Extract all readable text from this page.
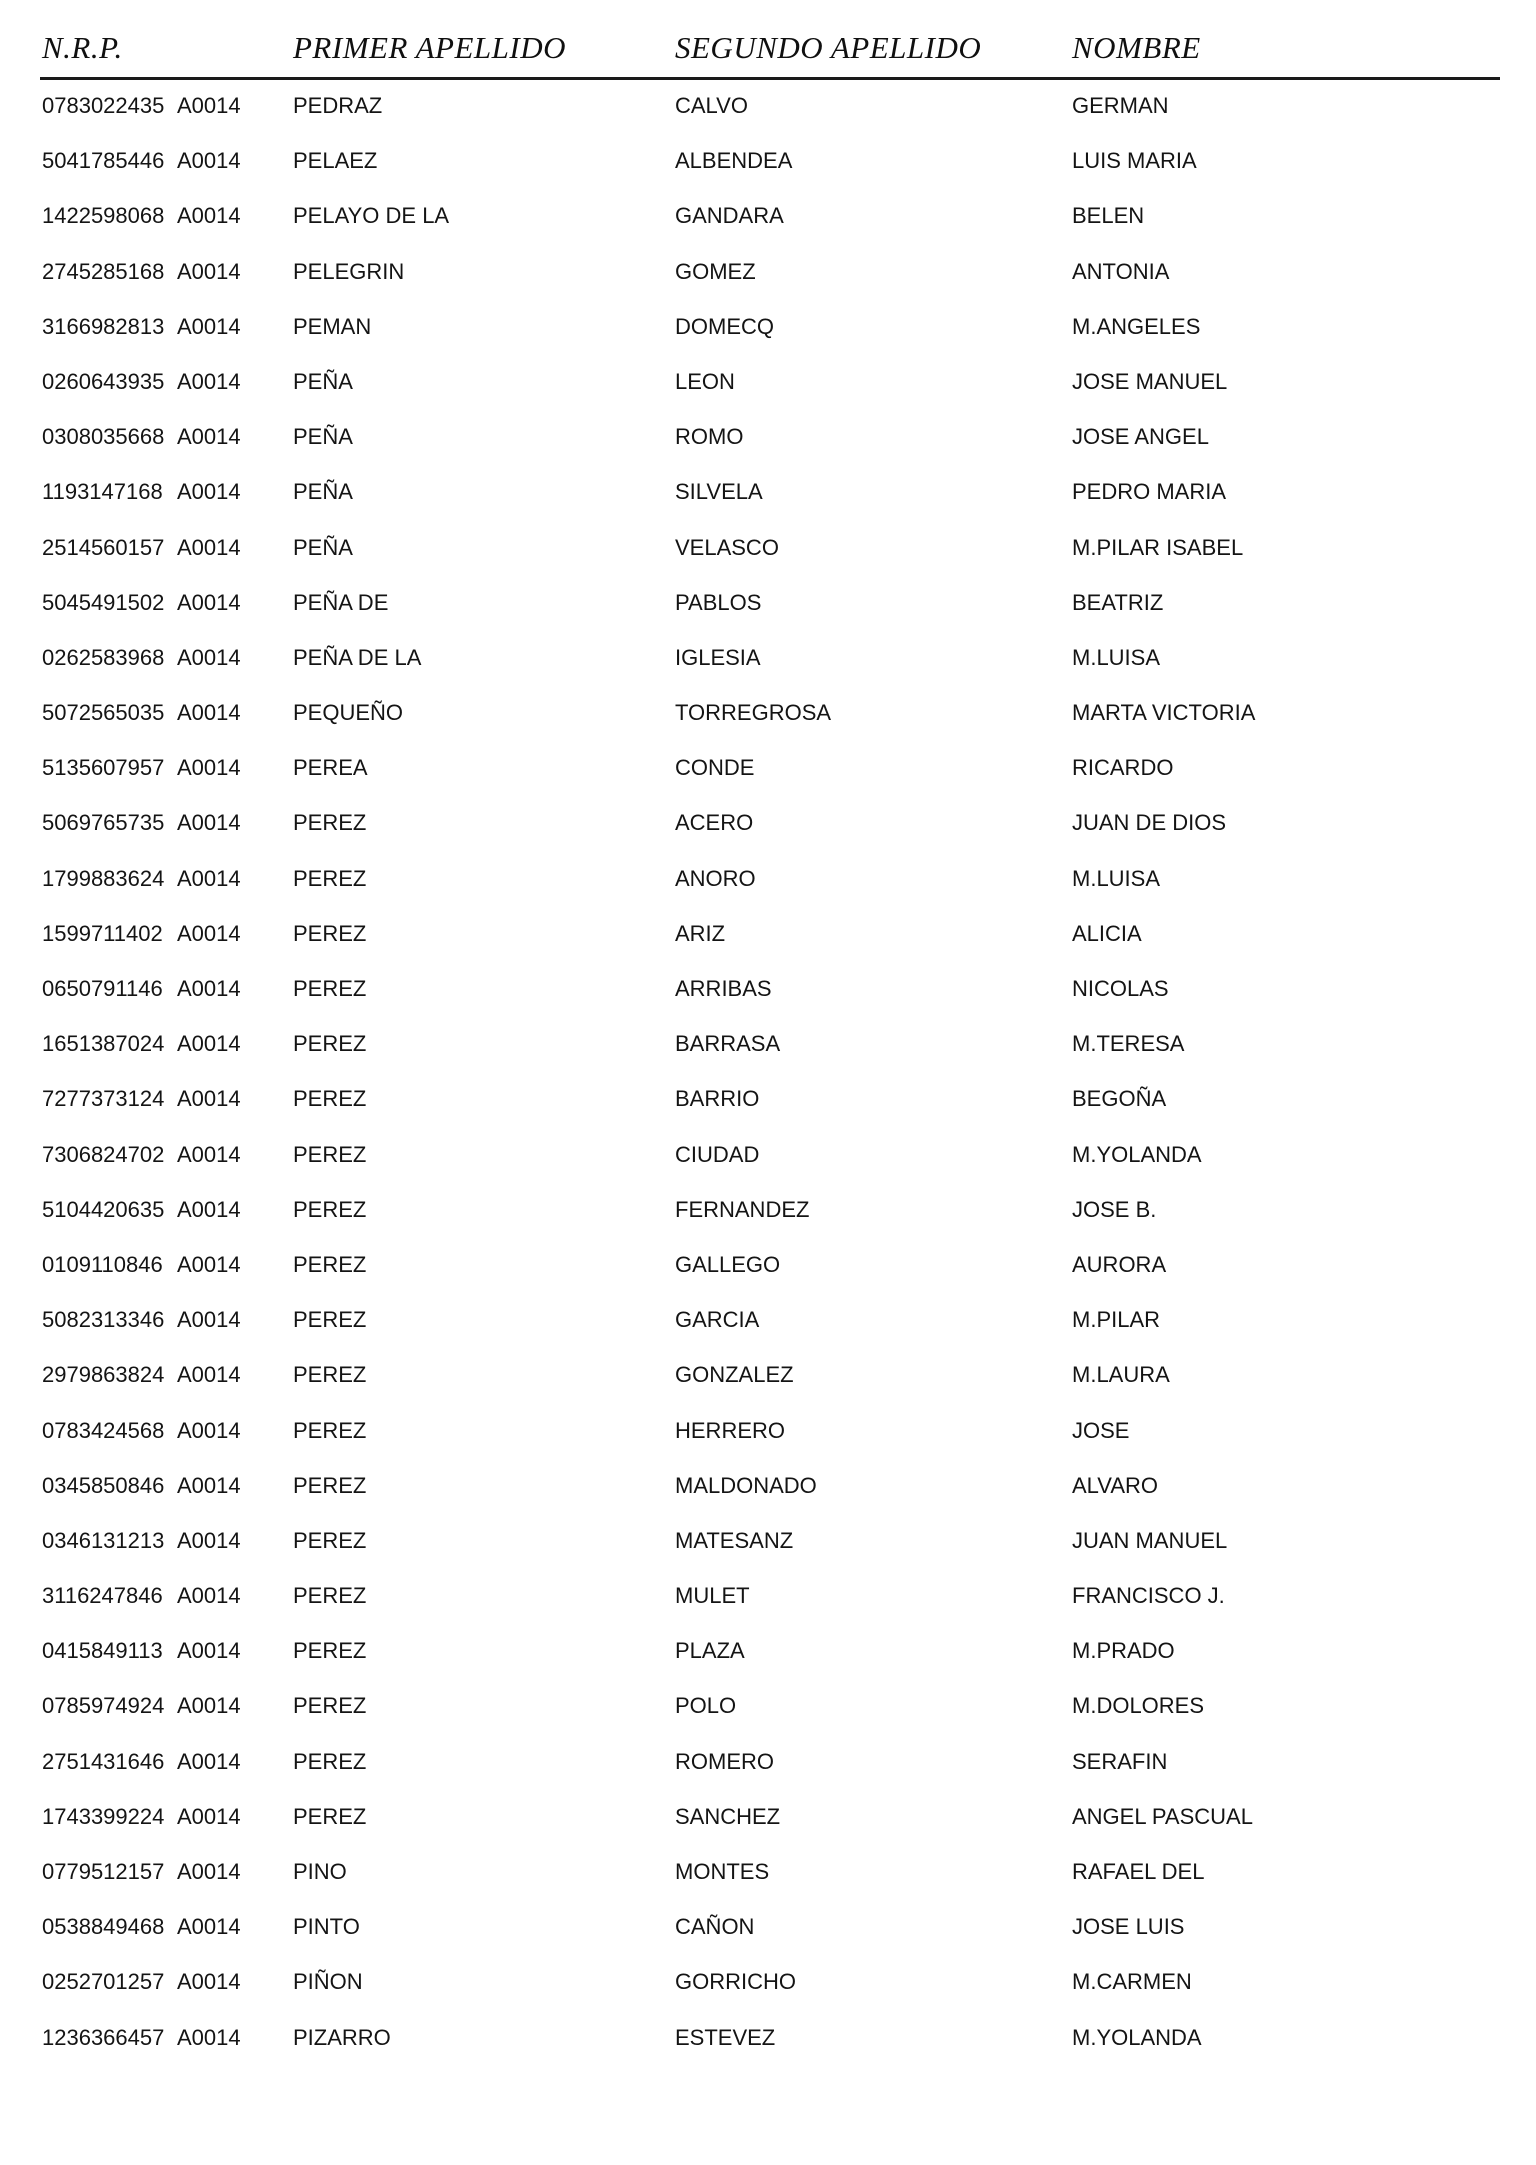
N.R.P.	PRIMER APELLIDO	SEGUNDO APELLIDO	NOMBRE
0783022435 A0014 PEDRAZ	CALVO	GERMAN
5041785446 A0014 PELAEZ	ALBENDEA	LUIS MARIA
1422598068 A0014 PELAYO DE LA	GANDARA	BELEN
2745285168 A0014 PELEGRIN	GOMEZ	ANTONIA
3166982813 A0014 PEMAN	DOMECQ	M.ANGELES
0260643935 A0014 PEÑA	LEON	JOSE MANUEL
0308035668 A0014 PEÑA	ROMO	JOSE ANGEL
1193147168 A0014 PEÑA	SILVELA	PEDRO MARIA
2514560157 A0014 PEÑA	VELASCO	M.PILAR ISABEL
5045491502 A0014 PEÑA DE	PABLOS	BEATRIZ
0262583968 A0014 PEÑA DE LA	IGLESIA	M.LUISA
5072565035 A0014 PEQUEÑO	TORREGROSA	MARTA VICTORIA
5135607957 A0014 PEREA	CONDE	RICARDO
5069765735 A0014 PEREZ	ACERO	JUAN DE DIOS
1799883624 A0014 PEREZ	ANORO	M.LUISA
1599711402 A0014 PEREZ	ARIZ	ALICIA
0650791146 A0014 PEREZ	ARRIBAS	NICOLAS
1651387024 A0014 PEREZ	BARRASA	M.TERESA
7277373124 A0014 PEREZ	BARRIO	BEGOÑA
7306824702 A0014 PEREZ	CIUDAD	M.YOLANDA
5104420635 A0014 PEREZ	FERNANDEZ	JOSE B.
0109110846 A0014 PEREZ	GALLEGO	AURORA
5082313346 A0014 PEREZ	GARCIA	M.PILAR
2979863824 A0014 PEREZ	GONZALEZ	M.LAURA
0783424568 A0014 PEREZ	HERRERO	JOSE
0345850846 A0014 PEREZ	MALDONADO	ALVARO
0346131213 A0014 PEREZ	MATESANZ	JUAN MANUEL
3116247846 A0014 PEREZ	MULET	FRANCISCO J.
0415849113 A0014 PEREZ	PLAZA	M.PRADO
0785974924 A0014 PEREZ	POLO	M.DOLORES
2751431646 A0014 PEREZ	ROMERO	SERAFIN
1743399224 A0014 PEREZ	SANCHEZ	ANGEL PASCUAL
0779512157 A0014 PINO	MONTES	RAFAEL DEL
0538849468 A0014 PINTO	CAÑON	JOSE LUIS
0252701257 A0014 PIÑON	GORRICHO	M.CARMEN
1236366457 A0014 PIZARRO	ESTEVEZ	M.YOLANDA
